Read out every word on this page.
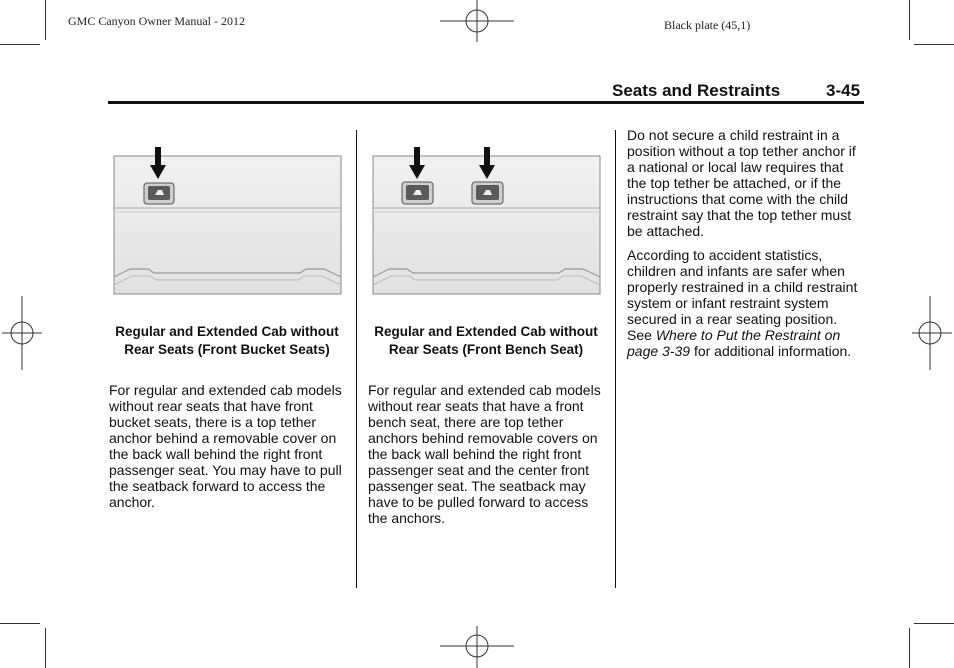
GMC Canyon Owner Manual - 2012	Black plate (45,1)
Seats and Restraints	3-45
Regular and Extended Cab without Rear Seats (Front Bucket Seats)
For regular and extended cab models without rear seats that have front bucket seats, there is a top tether anchor behind a removable cover on the back wall behind the right front passenger seat. You may have to pull the seatback forward to access the anchor.
Regular and Extended Cab without Rear Seats (Front Bench Seat)
For regular and extended cab models without rear seats that have a front bench seat, there are top tether anchors behind removable covers on the back wall behind the right front passenger seat and the center front passenger seat. The seatback may have to be pulled forward to access the anchors.

Do not secure a child restraint in a position without a top tether anchor if a national or local law requires that the top tether be attached, or if the instructions that come with the child restraint say that the top tether must be attached.

According to accident statistics, children and infants are safer when properly restrained in a child restraint system or infant restraint system secured in a rear seating position. See Where to Put the Restraint on page 3-39 for additional information.
